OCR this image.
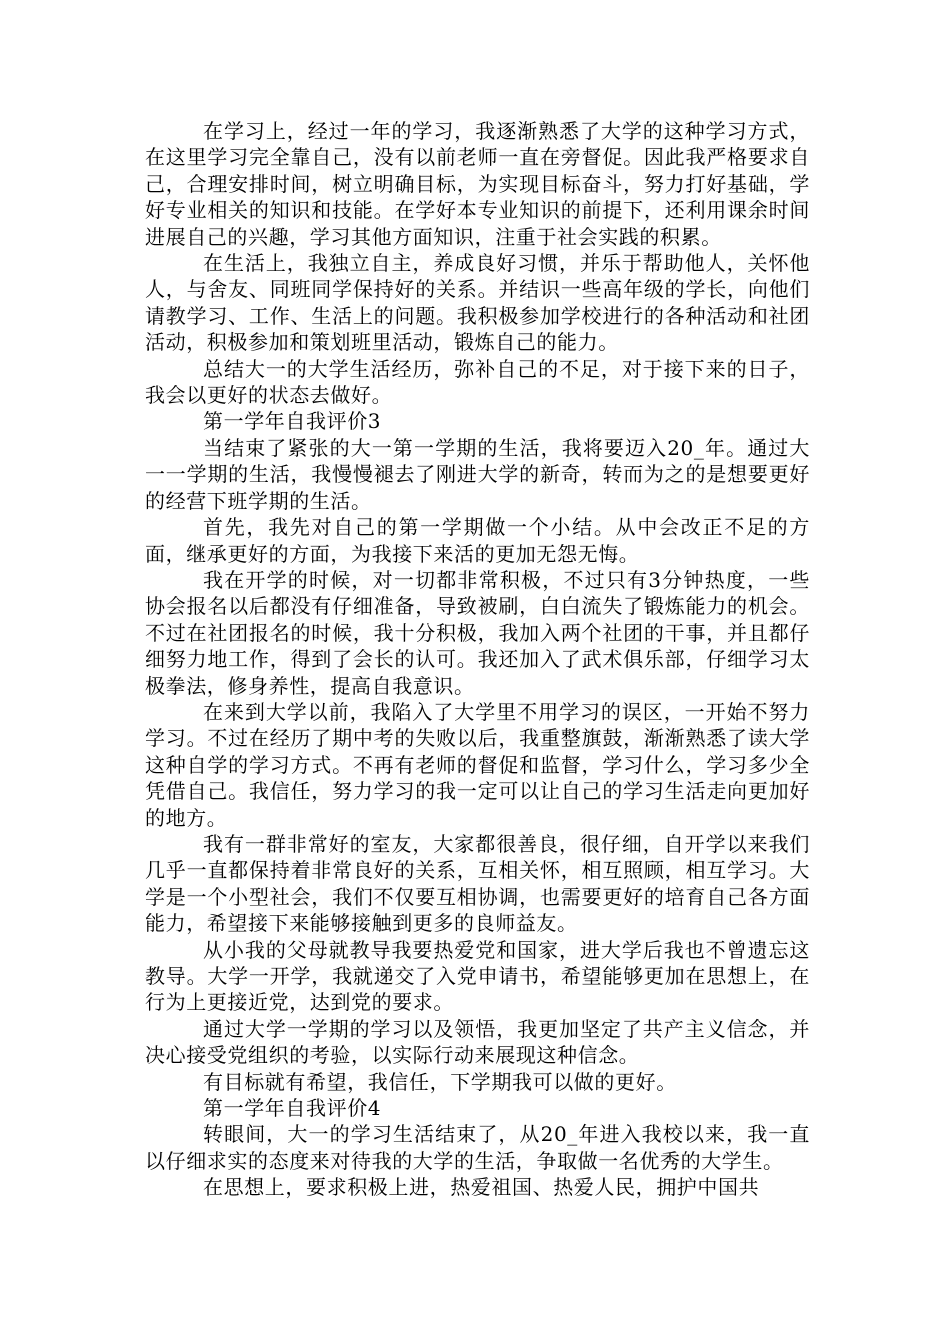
在学习上，经过一年的学习，我逐渐熟悉了大学的这种学习方式，在这里学习完全靠自己，没有以前老师一直在旁督促。因此我严格要求自己，合理安排时间，树立明确目标，为实现目标奋斗，努力打好基础，学好专业相关的知识和技能。在学好本专业知识的前提下，还利用课余时间进展自己的兴趣，学习其他方面知识，注重于社会实践的积累。

在生活上，我独立自主，养成良好习惯，并乐于帮助他人，关怀他人，与舍友、同班同学保持好的关系。并结识一些高年级的学长，向他们请教学习、工作、生活上的问题。我积极参加学校进行的各种活动和社团活动，积极参加和策划班里活动，锻炼自己的能力。

总结大一的大学生活经历，弥补自己的不足，对于接下来的日子，我会以更好的状态去做好。

第一学年自我评价3

当结束了紧张的大一第一学期的生活，我将要迈入20_年。通过大一一学期的生活，我慢慢褪去了刚进大学的新奇，转而为之的是想要更好的经营下班学期的生活。

首先，我先对自己的第一学期做一个小结。从中会改正不足的方面，继承更好的方面，为我接下来活的更加无怨无悔。

我在开学的时候，对一切都非常积极，不过只有3分钟热度，一些协会报名以后都没有仔细准备，导致被刷，白白流失了锻炼能力的机会。不过在社团报名的时候，我十分积极，我加入两个社团的干事，并且都仔细努力地工作，得到了会长的认可。我还加入了武术俱乐部，仔细学习太极拳法，修身养性，提高自我意识。

在来到大学以前，我陷入了大学里不用学习的误区，一开始不努力学习。不过在经历了期中考的失败以后，我重整旗鼓，渐渐熟悉了读大学这种自学的学习方式。不再有老师的督促和监督，学习什么，学习多少全凭借自己。我信任，努力学习的我一定可以让自己的学习生活走向更加好的地方。

我有一群非常好的室友，大家都很善良，很仔细，自开学以来我们几乎一直都保持着非常良好的关系，互相关怀，相互照顾，相互学习。大学是一个小型社会，我们不仅要互相协调，也需要更好的培育自己各方面能力，希望接下来能够接触到更多的良师益友。

从小我的父母就教导我要热爱党和国家，进大学后我也不曾遗忘这教导。大学一开学，我就递交了入党申请书，希望能够更加在思想上，在行为上更接近党，达到党的要求。

通过大学一学期的学习以及领悟，我更加坚定了共产主义信念，并决心接受党组织的考验，以实际行动来展现这种信念。

有目标就有希望，我信任，下学期我可以做的更好。

第一学年自我评价4

转眼间，大一的学习生活结束了，从20_年进入我校以来，我一直以仔细求实的态度来对待我的大学的生活，争取做一名优秀的大学生。

在思想上，要求积极上进，热爱祖国、热爱人民，拥护中国共
